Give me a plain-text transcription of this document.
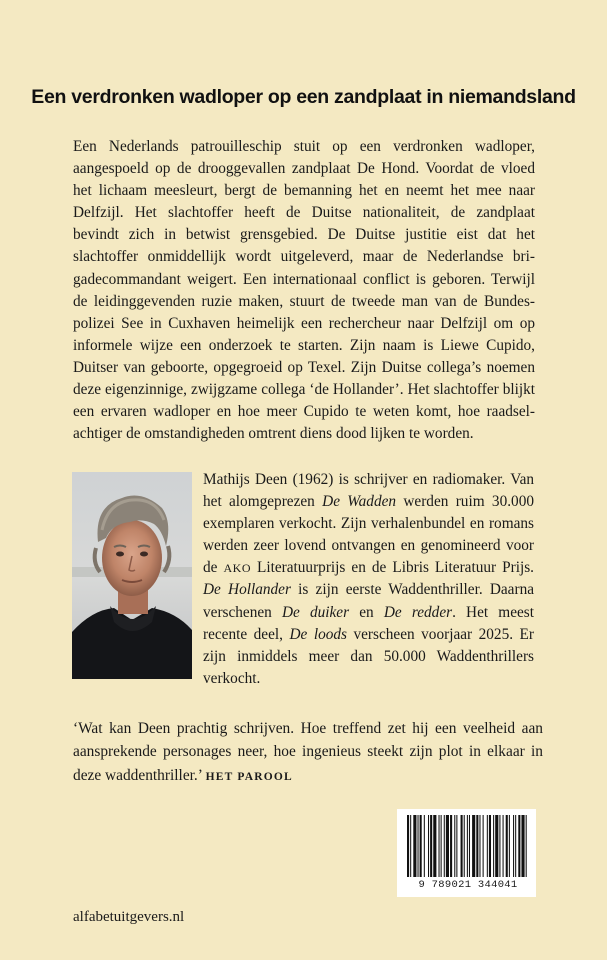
Een verdronken wadloper op een zandplaat in niemandsland
Een Nederlands patrouilleschip stuit op een verdronken wadloper,
aangespoeld op de drooggevallen zandplaat De Hond. Voordat de vloed
het lichaam meesleurt, bergt de bemanning het en neemt het mee naar
Delfzijl. Het slachtoffer heeft de Duitse nationaliteit, de zandplaat
bevindt zich in betwist grensgebied. De Duitse justitie eist dat het
slachtoffer onmiddellijk wordt uitgeleverd, maar de Nederlandse bri-
gadecommandant weigert. Een internationaal conflict is geboren. Terwijl
de leidinggevenden ruzie maken, stuurt de tweede man van de Bundes-
polizei See in Cuxhaven heimelijk een rechercheur naar Delfzijl om op
informele wijze een onderzoek te starten. Zijn naam is Liewe Cupido,
Duitser van geboorte, opgegroeid op Texel. Zijn Duitse collega’s noemen
deze eigenzinnige, zwijgzame collega ‘de Hollander’. Het slachtoffer blijkt
een ervaren wadloper en hoe meer Cupido te weten komt, hoe raadsel-
achtiger de omstandigheden omtrent diens dood lijken te worden.
Mathijs Deen (1962) is schrijver en radiomaker. Van het alomgeprezen De Wadden werden ruim 30.000 exemplaren verkocht. Zijn verhalenbundel en romans werden zeer lovend ontvangen en genomineerd voor de AKO Literatuurprijs en de Libris Literatuur Prijs. De Hollander is zijn eerste Waddenthriller. Daarna verschenen De duiker en De redder. Het meest recente deel, De loods verscheen voorjaar 2025. Er zijn inmiddels meer dan 50.000 Waddenthrillers verkocht.
‘Wat kan Deen prachtig schrijven. Hoe treffend zet hij een veelheid aan aansprekende personages neer, hoe ingenieus steekt zijn plot in elkaar in deze waddenthriller.’ HET PAROOL
alfabetuitgevers.nl
9 789021 344041
